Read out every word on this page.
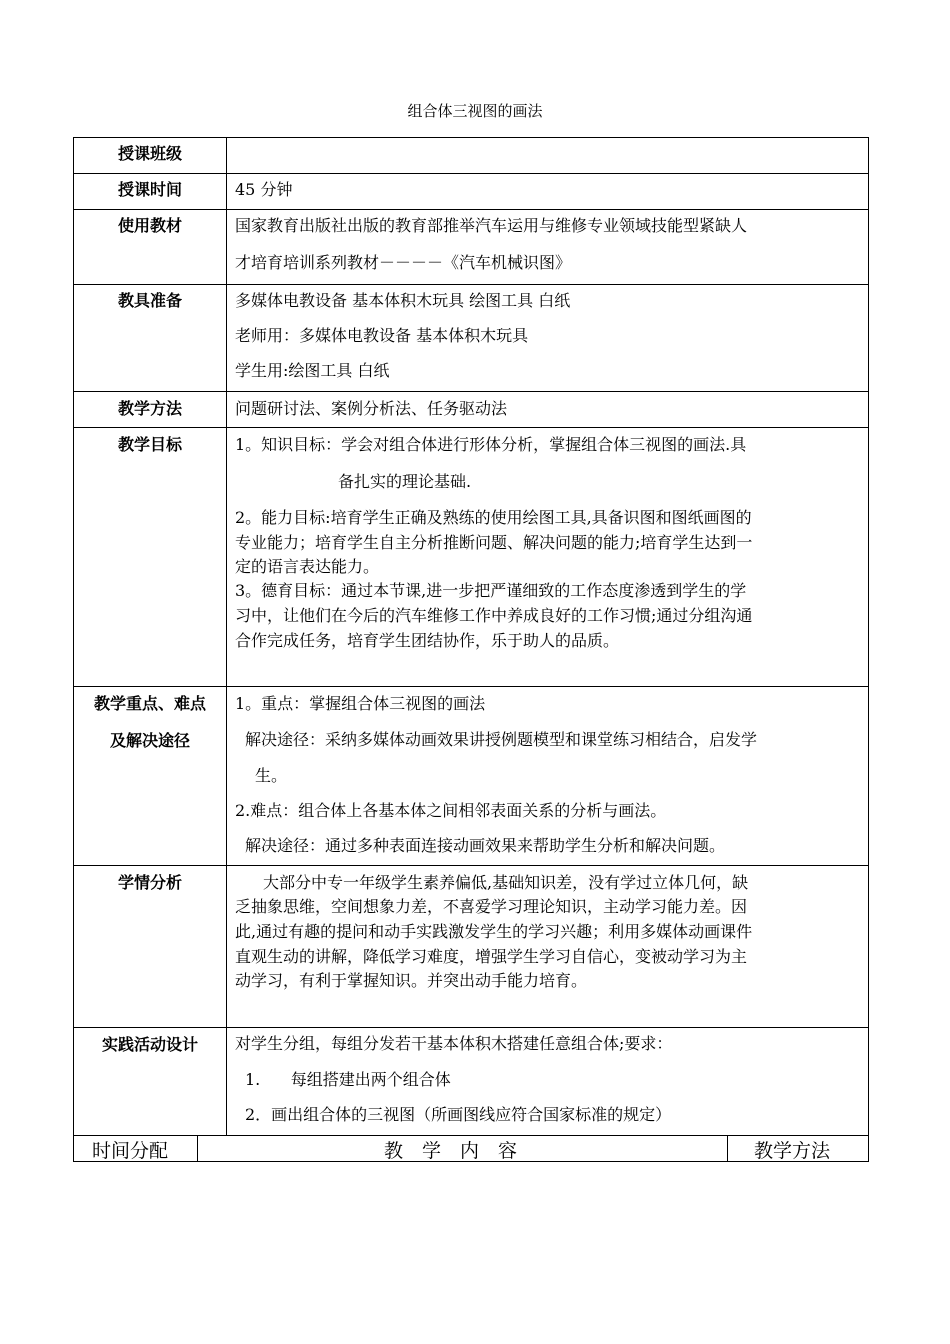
组合体三视图的画法
授课班级
授课时间
使用教材
教具准备
教学方法
教学目标
教学重点、难点
及解决途径
学情分析
实践活动设计
45 分钟
国家教育出版社出版的教育部推举汽车运用与维修专业领域技能型紧缺人
才培育培训系列教材－－－－《汽车机械识图》
多媒体电教设备 基本体积木玩具 绘图工具 白纸
老师用：多媒体电教设备 基本体积木玩具
学生用:绘图工具 白纸
问题研讨法、案例分析法、任务驱动法
1。知识目标：学会对组合体进行形体分析，掌握组合体三视图的画法.具
备扎实的理论基础.
2。能力目标:培育学生正确及熟练的使用绘图工具,具备识图和图纸画图的
专业能力；培育学生自主分析推断问题、解决问题的能力;培育学生达到一
定的语言表达能力。
3。德育目标：通过本节课,进一步把严谨细致的工作态度渗透到学生的学
习中，让他们在今后的汽车维修工作中养成良好的工作习惯;通过分组沟通
合作完成任务，培育学生团结协作，乐于助人的品质。
1。重点：掌握组合体三视图的画法
解决途径：采纳多媒体动画效果讲授例题模型和课堂练习相结合，启发学
生。
2.难点：组合体上各基本体之间相邻表面关系的分析与画法。
解决途径：通过多种表面连接动画效果来帮助学生分析和解决问题。
大部分中专一年级学生素养偏低,基础知识差，没有学过立体几何，缺
乏抽象思维，空间想象力差，不喜爱学习理论知识，主动学习能力差。因
此,通过有趣的提问和动手实践激发学生的学习兴趣；利用多媒体动画课件
直观生动的讲解，降低学习难度，增强学生学习自信心，变被动学习为主
动学习，有利于掌握知识。并突出动手能力培育。
对学生分组，每组分发若干基本体积木搭建任意组合体;要求：
1.      每组搭建出两个组合体
2．画出组合体的三视图（所画图线应符合国家标准的规定）
时间分配	教　学　内　容	教学方法
